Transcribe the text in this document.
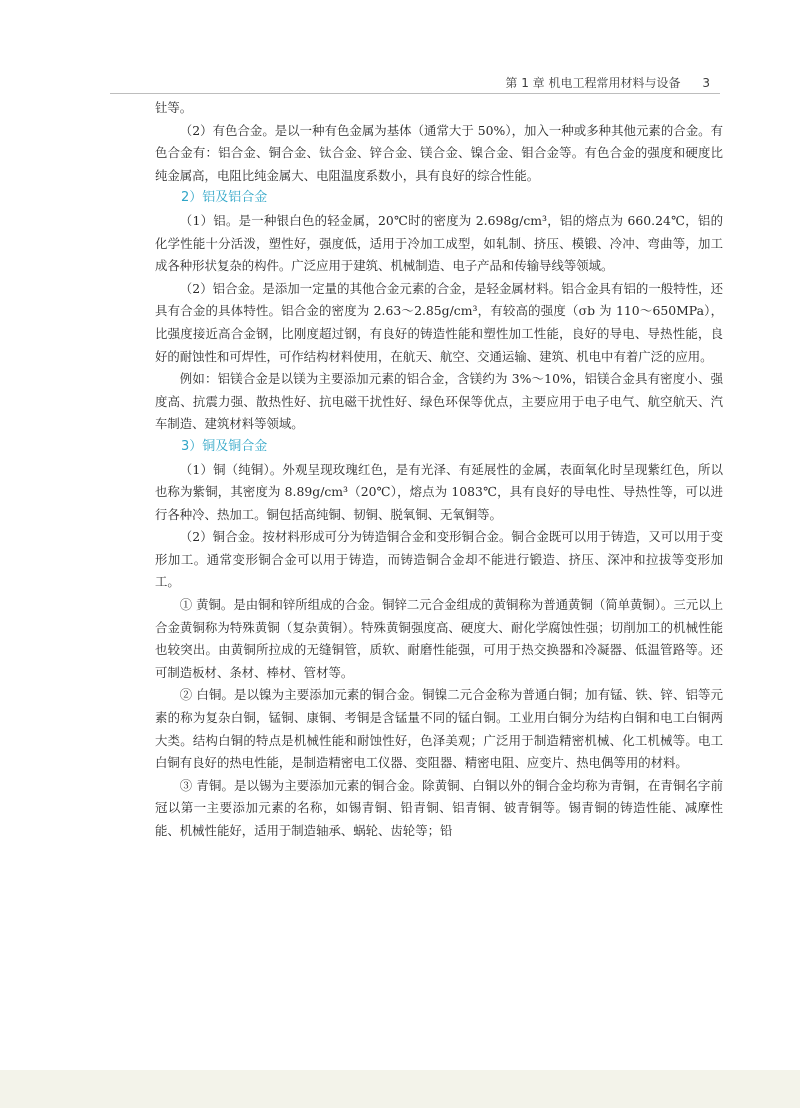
第 1 章 机电工程常用材料与设备 3

钍等。

（2）有色合金。是以一种有色金属为基体（通常大于 50%），加入一种或多种其他元素的合金。有色合金有：铝合金、铜合金、钛合金、锌合金、镁合金、镍合金、钼合金等。有色合金的强度和硬度比纯金属高，电阻比纯金属大、电阻温度系数小，具有良好的综合性能。

2）铝及铝合金

（1）铝。是一种银白色的轻金属，20℃时的密度为 2.698g/cm³，铝的熔点为 660.24℃，铝的化学性能十分活泼，塑性好，强度低，适用于冷加工成型，如轧制、挤压、模锻、冷冲、弯曲等，加工成各种形状复杂的构件。广泛应用于建筑、机械制造、电子产品和传输导线等领域。

（2）铝合金。是添加一定量的其他合金元素的合金，是轻金属材料。铝合金具有铝的一般特性，还具有合金的具体特性。铝合金的密度为 2.63～2.85g/cm³，有较高的强度（σb 为 110～650MPa），比强度接近高合金钢，比刚度超过钢，有良好的铸造性能和塑性加工性能，良好的导电、导热性能，良好的耐蚀性和可焊性，可作结构材料使用，在航天、航空、交通运输、建筑、机电中有着广泛的应用。

例如：铝镁合金是以镁为主要添加元素的铝合金，含镁约为 3%～10%，铝镁合金具有密度小、强度高、抗震力强、散热性好、抗电磁干扰性好、绿色环保等优点，主要应用于电子电气、航空航天、汽车制造、建筑材料等领域。

3）铜及铜合金

（1）铜（纯铜）。外观呈现玫瑰红色，是有光泽、有延展性的金属，表面氧化时呈现紫红色，所以也称为紫铜，其密度为 8.89g/cm³（20℃），熔点为 1083℃，具有良好的导电性、导热性等，可以进行各种冷、热加工。铜包括高纯铜、韧铜、脱氧铜、无氧铜等。

（2）铜合金。按材料形成可分为铸造铜合金和变形铜合金。铜合金既可以用于铸造，又可以用于变形加工。通常变形铜合金可以用于铸造，而铸造铜合金却不能进行锻造、挤压、深冲和拉拔等变形加工。

① 黄铜。是由铜和锌所组成的合金。铜锌二元合金组成的黄铜称为普通黄铜（简单黄铜）。三元以上合金黄铜称为特殊黄铜（复杂黄铜）。特殊黄铜强度高、硬度大、耐化学腐蚀性强；切削加工的机械性能也较突出。由黄铜所拉成的无缝铜管，质软、耐磨性能强，可用于热交换器和冷凝器、低温管路等。还可制造板材、条材、棒材、管材等。

② 白铜。是以镍为主要添加元素的铜合金。铜镍二元合金称为普通白铜；加有锰、铁、锌、铝等元素的称为复杂白铜，锰铜、康铜、考铜是含锰量不同的锰白铜。工业用白铜分为结构白铜和电工白铜两大类。结构白铜的特点是机械性能和耐蚀性好，色泽美观；广泛用于制造精密机械、化工机械等。电工白铜有良好的热电性能，是制造精密电工仪器、变阻器、精密电阻、应变片、热电偶等用的材料。

③ 青铜。是以锡为主要添加元素的铜合金。除黄铜、白铜以外的铜合金均称为青铜，在青铜名字前冠以第一主要添加元素的名称，如锡青铜、铅青铜、铝青铜、铍青铜等。锡青铜的铸造性能、减摩性能、机械性能好，适用于制造轴承、蜗轮、齿轮等；铅
